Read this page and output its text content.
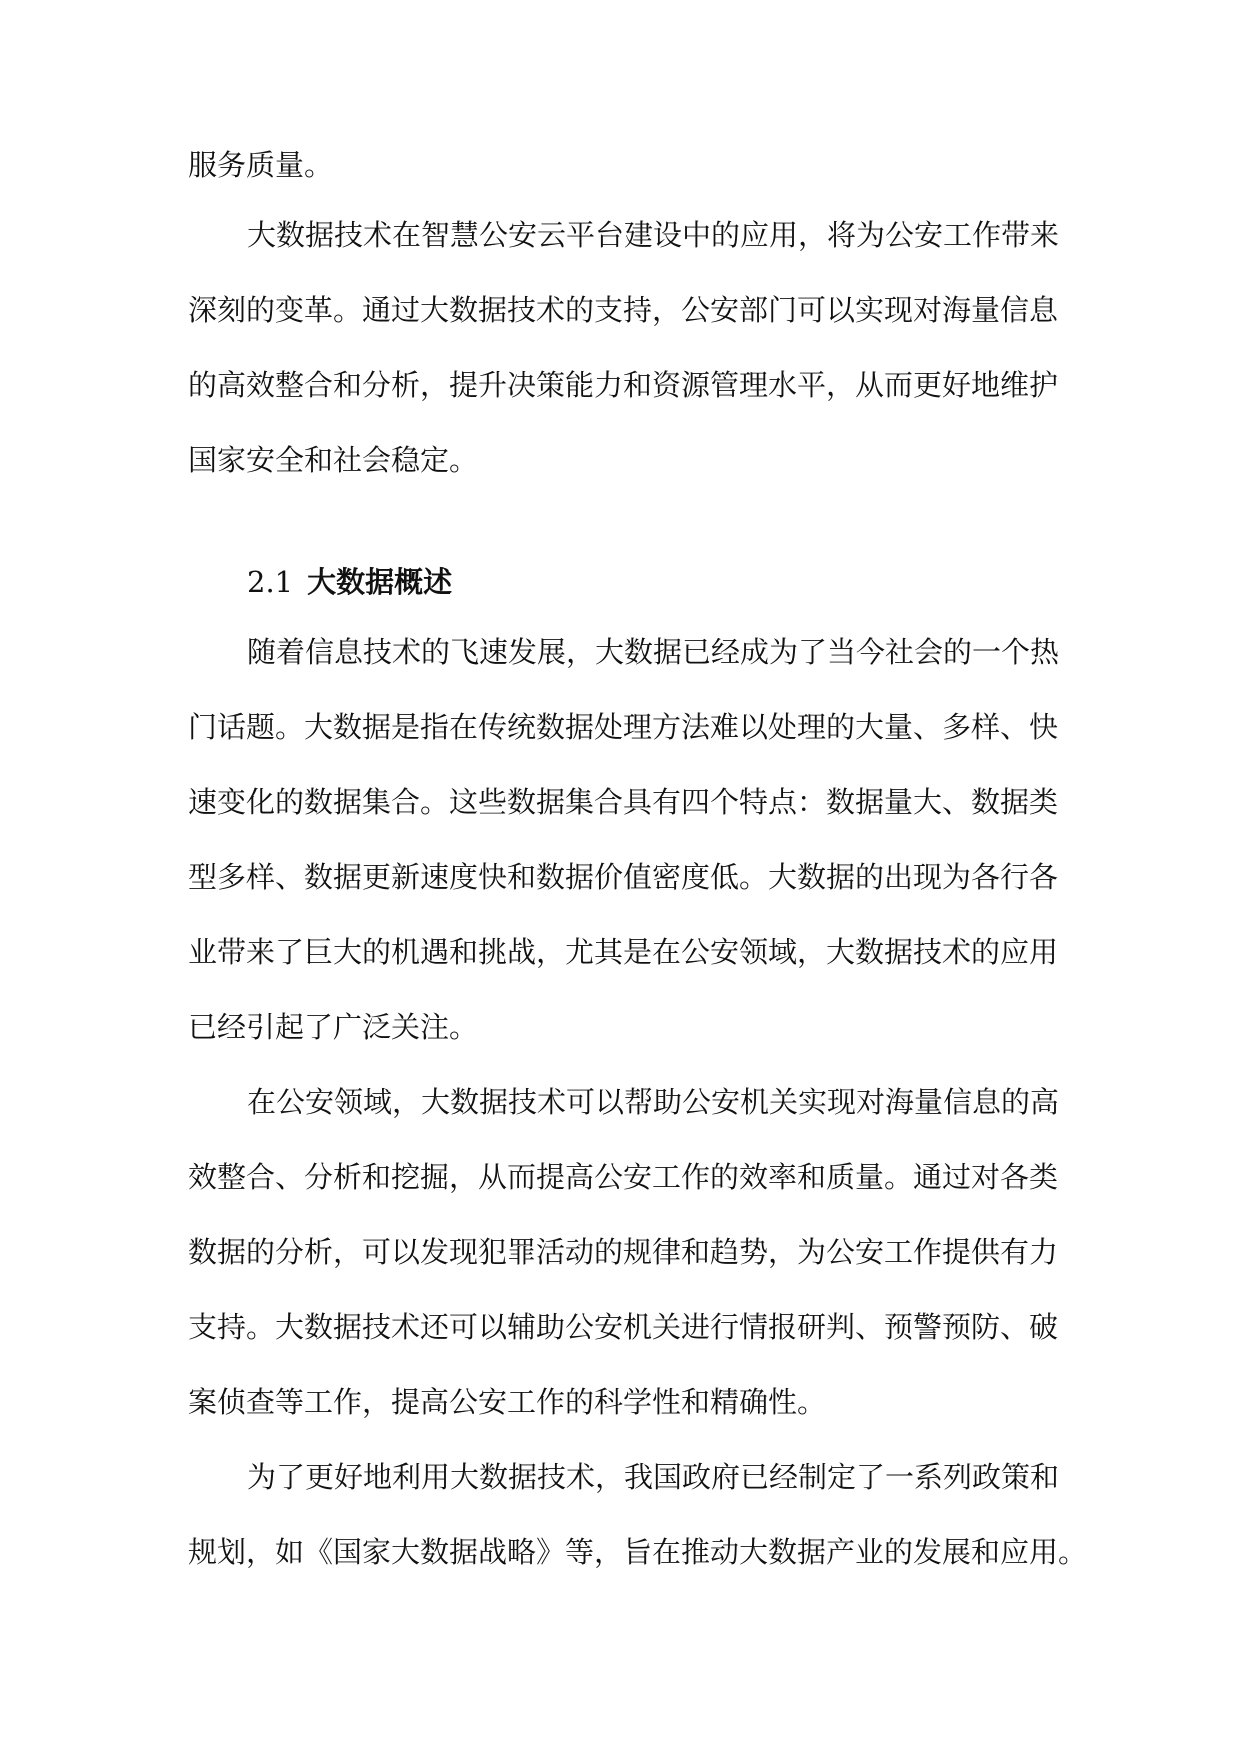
服务质量。
大数据技术在智慧公安云平台建设中的应用，将为公安工作带来
深刻的变革。通过大数据技术的支持，公安部门可以实现对海量信息
的高效整合和分析，提升决策能力和资源管理水平，从而更好地维护
国家安全和社会稳定。
2.1 大数据概述
随着信息技术的飞速发展，大数据已经成为了当今社会的一个热
门话题。大数据是指在传统数据处理方法难以处理的大量、多样、快
速变化的数据集合。这些数据集合具有四个特点：数据量大、数据类
型多样、数据更新速度快和数据价值密度低。大数据的出现为各行各
业带来了巨大的机遇和挑战，尤其是在公安领域，大数据技术的应用
已经引起了广泛关注。
在公安领域，大数据技术可以帮助公安机关实现对海量信息的高
效整合、分析和挖掘，从而提高公安工作的效率和质量。通过对各类
数据的分析，可以发现犯罪活动的规律和趋势，为公安工作提供有力
支持。大数据技术还可以辅助公安机关进行情报研判、预警预防、破
案侦查等工作，提高公安工作的科学性和精确性。
为了更好地利用大数据技术，我国政府已经制定了一系列政策和
规划，如《国家大数据战略》等，旨在推动大数据产业的发展和应用。
